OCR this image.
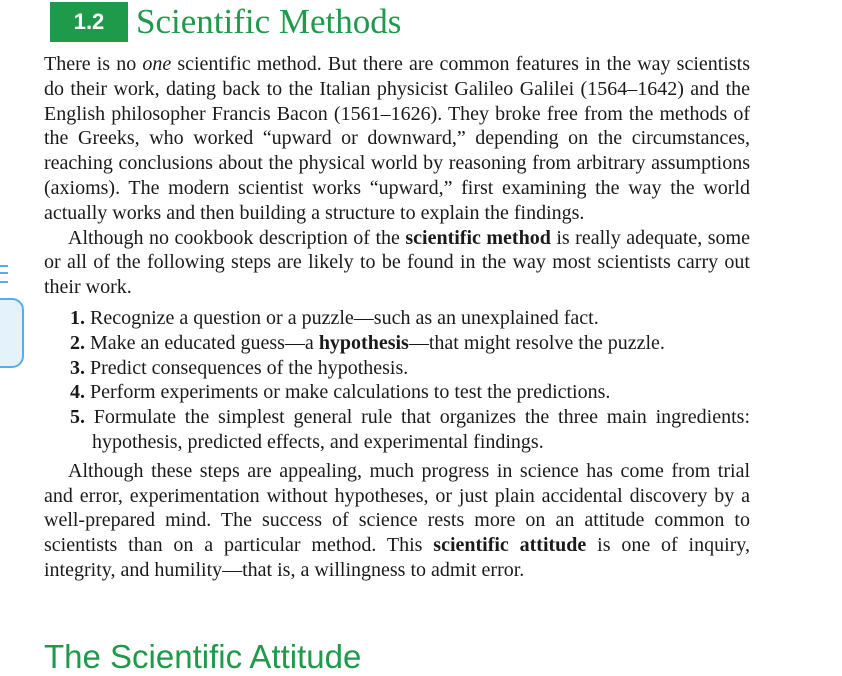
1.2 Scientific Methods

There is no one scientific method. But there are common features in the way scientists do their work, dating back to the Italian physicist Galileo Galilei (1564–1642) and the English philosopher Francis Bacon (1561–1626). They broke free from the methods of the Greeks, who worked “upward or downward,” depending on the circumstances, reaching conclusions about the physical world by reasoning from arbitrary assumptions (axioms). The modern scientist works “upward,” first examining the way the world actually works and then building a structure to explain the findings.

Although no cookbook description of the scientific method is really adequate, some or all of the following steps are likely to be found in the way most scientists carry out their work.

1. Recognize a question or a puzzle—such as an unexplained fact.
2. Make an educated guess—a hypothesis—that might resolve the puzzle.
3. Predict consequences of the hypothesis.
4. Perform experiments or make calculations to test the predictions.
5. Formulate the simplest general rule that organizes the three main ingredients: hypothesis, predicted effects, and experimental findings.

Although these steps are appealing, much progress in science has come from trial and error, experimentation without hypotheses, or just plain accidental discovery by a well-prepared mind. The success of science rests more on an attitude common to scientists than on a particular method. This scientific attitude is one of inquiry, integrity, and humility—that is, a willingness to admit error.

The Scientific Attitude
